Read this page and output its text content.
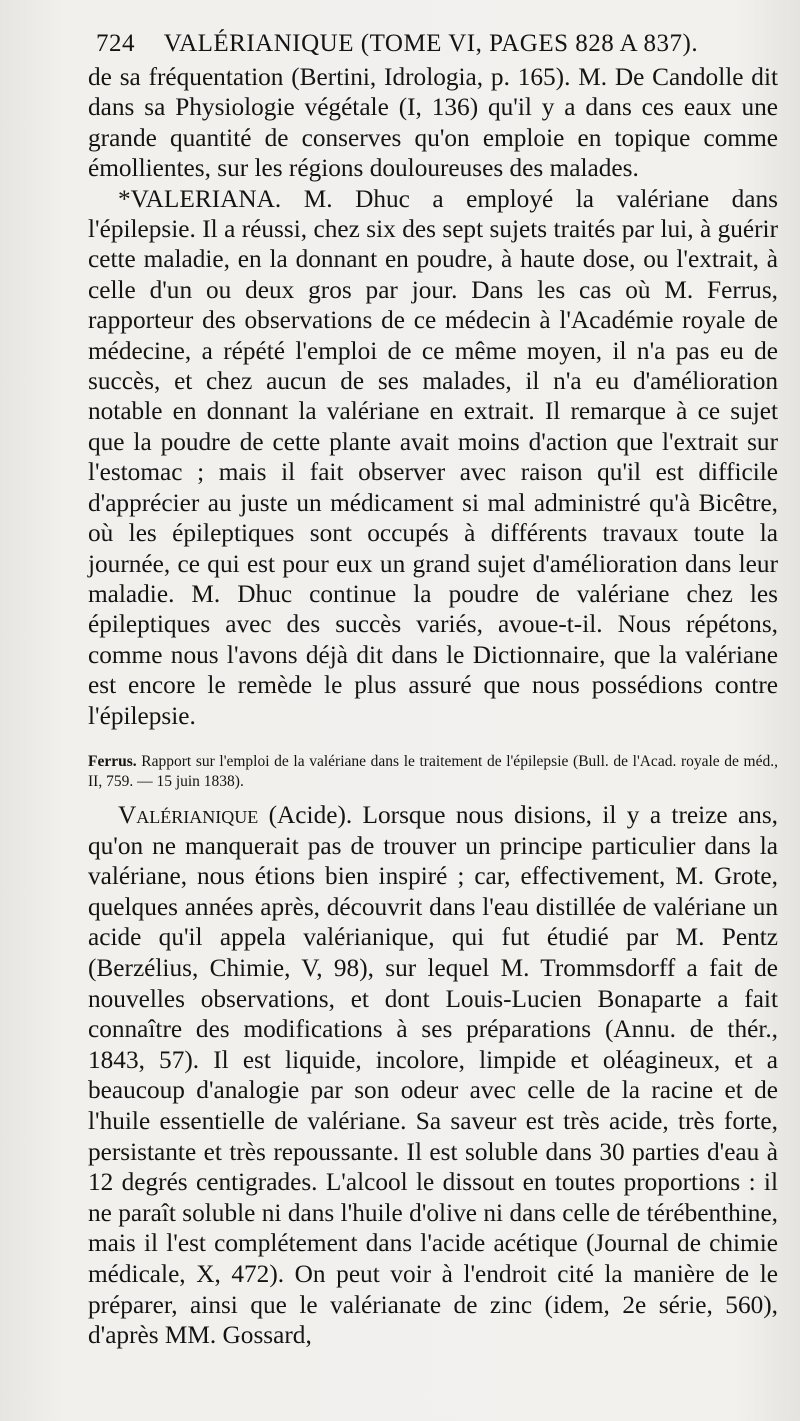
724 VALÉRIANIQUE (TOME VI, PAGES 828 A 837).

de sa fréquentation (Bertini, Idrologia, p. 165). M. De Candolle dit dans sa Physiologie végétale (I, 136) qu'il y a dans ces eaux une grande quantité de conserves qu'on emploie en topique comme émollientes, sur les régions douloureuses des malades.

*VALERIANA. M. Dhuc a employé la valériane dans l'épilepsie. Il a réussi, chez six des sept sujets traités par lui, à guérir cette maladie, en la donnant en poudre, à haute dose, ou l'extrait, à celle d'un ou deux gros par jour. Dans les cas où M. Ferrus, rapporteur des observations de ce médecin à l'Académie royale de médecine, a répété l'emploi de ce même moyen, il n'a pas eu de succès, et chez aucun de ses malades, il n'a eu d'amélioration notable en donnant la valériane en extrait. Il remarque à ce sujet que la poudre de cette plante avait moins d'action que l'extrait sur l'estomac ; mais il fait observer avec raison qu'il est difficile d'apprécier au juste un médicament si mal administré qu'à Bicêtre, où les épileptiques sont occupés à différents travaux toute la journée, ce qui est pour eux un grand sujet d'amélioration dans leur maladie. M. Dhuc continue la poudre de valériane chez les épileptiques avec des succès variés, avoue-t-il. Nous répétons, comme nous l'avons déjà dit dans le Dictionnaire, que la valériane est encore le remède le plus assuré que nous possédions contre l'épilepsie.

Ferrus. Rapport sur l'emploi de la valériane dans le traitement de l'épilepsie (Bull. de l'Acad. royale de méd., II, 759. — 15 juin 1838).

Valérianique (Acide). Lorsque nous disions, il y a treize ans, qu'on ne manquerait pas de trouver un principe particulier dans la valériane, nous étions bien inspiré ; car, effectivement, M. Grote, quelques années après, découvrit dans l'eau distillée de valériane un acide qu'il appela valérianique, qui fut étudié par M. Pentz (Berzélius, Chimie, V, 98), sur lequel M. Trommsdorff a fait de nouvelles observations, et dont Louis-Lucien Bonaparte a fait connaître des modifications à ses préparations (Annu. de thér., 1843, 57). Il est liquide, incolore, limpide et oléagineux, et a beaucoup d'analogie par son odeur avec celle de la racine et de l'huile essentielle de valériane. Sa saveur est très acide, très forte, persistante et très repoussante. Il est soluble dans 30 parties d'eau à 12 degrés centigrades. L'alcool le dissout en toutes proportions : il ne paraît soluble ni dans l'huile d'olive ni dans celle de térébenthine, mais il l'est complétement dans l'acide acétique (Journal de chimie médicale, X, 472). On peut voir à l'endroit cité la manière de le préparer, ainsi que le valérianate de zinc (idem, 2e série, 560), d'après MM. Gossard,
